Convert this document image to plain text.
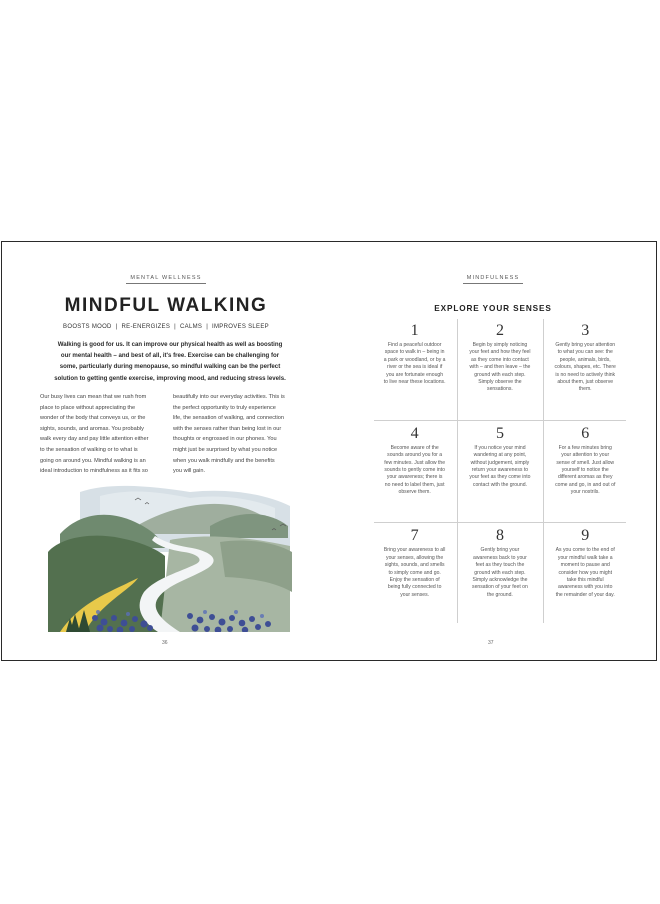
MENTAL WELLNESS
MINDFUL WALKING
BOOSTS MOOD | RE-ENERGIZES | CALMS | IMPROVES SLEEP
Walking is good for us. It can improve our physical health as well as boosting our mental health – and best of all, it's free. Exercise can be challenging for some, particularly during menopause, so mindful walking can be the perfect solution to getting gentle exercise, improving mood, and reducing stress levels.
Our busy lives can mean that we rush from place to place without appreciating the wonder of the body that conveys us, or the sights, sounds, and aromas. You probably walk every day and pay little attention either to the sensation of walking or to what is going on around you. Mindful walking is an ideal introduction to mindfulness as it fits so
beautifully into our everyday activities. This is the perfect opportunity to truly experience life, the sensation of walking, and connection with the senses rather than being lost in our thoughts or engrossed in our phones. You might just be surprised by what you notice when you walk mindfully and the benefits you will gain.
36
MINDFULNESS
EXPLORE YOUR SENSES
1
Find a peaceful outdoor space to walk in – being in a park or woodland, or by a river or the sea is ideal if you are fortunate enough to live near these locations.
2
Begin by simply noticing your feet and how they feel as they come into contact with – and then leave – the ground with each step. Simply observe the sensations.
3
Gently bring your attention to what you can see: the people, animals, birds, colours, shapes, etc. There is no need to actively think about them, just observe them.
4
Become aware of the sounds around you for a few minutes. Just allow the sounds to gently come into your awareness; there is no need to label them, just observe them.
5
If you notice your mind wandering at any point, without judgement, simply return your awareness to your feet as they come into contact with the ground.
6
For a few minutes bring your attention to your sense of smell. Just allow yourself to notice the different aromas as they come and go, in and out of your nostrils.
7
Bring your awareness to all your senses, allowing the sights, sounds, and smells to simply come and go. Enjoy the sensation of being fully connected to your senses.
8
Gently bring your awareness back to your feet as they touch the ground with each step. Simply acknowledge the sensation of your feet on the ground.
9
As you come to the end of your mindful walk take a moment to pause and consider how you might take this mindful awareness with you into the remainder of your day.
37
